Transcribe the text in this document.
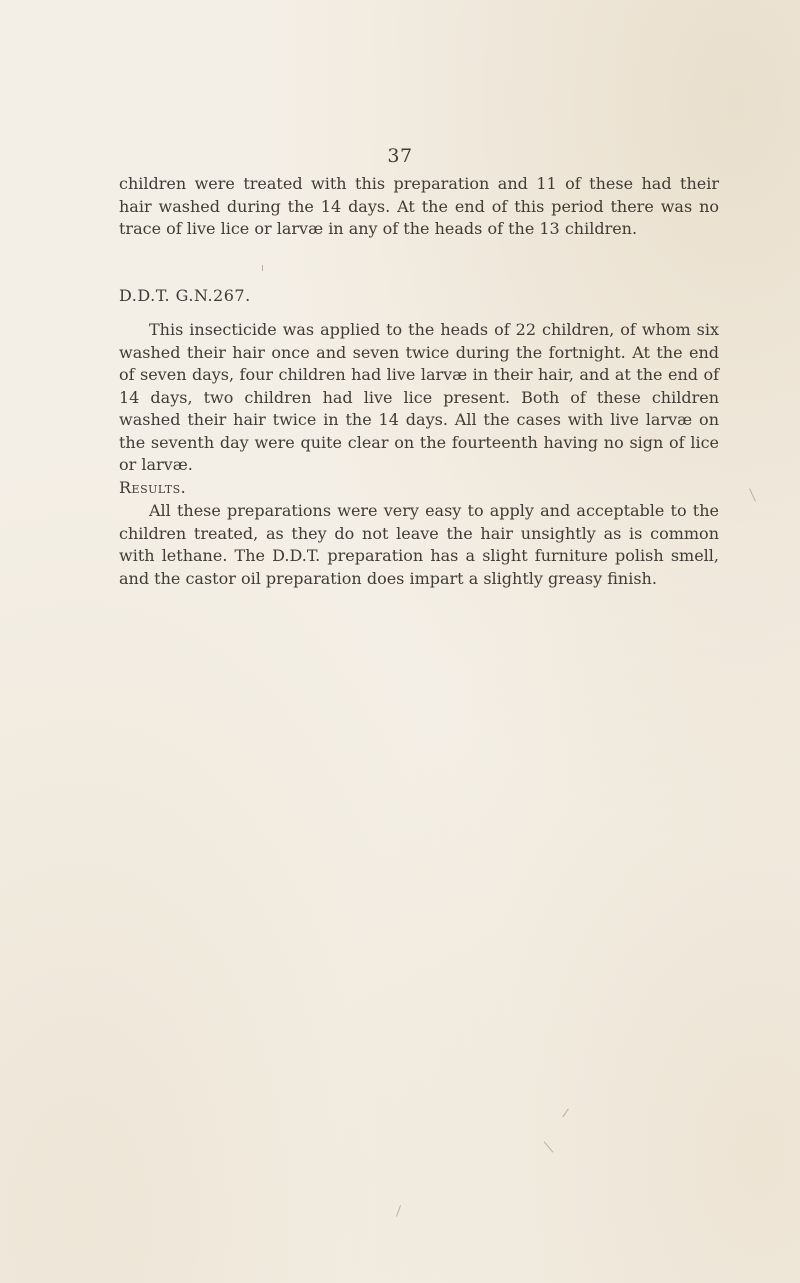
37

children were treated with this preparation and 11 of these had their hair washed during the 14 days. At the end of this period there was no trace of live lice or larvæ in any of the heads of the 13 children.

D.D.T. G.N.267.

This insecticide was applied to the heads of 22 children, of whom six washed their hair once and seven twice during the fortnight. At the end of seven days, four children had live larvæ in their hair, and at the end of 14 days, two children had live lice present. Both of these children washed their hair twice in the 14 days. All the cases with live larvæ on the seventh day were quite clear on the fourteenth having no sign of lice or larvæ.

Results.

All these preparations were very easy to apply and acceptable to the children treated, as they do not leave the hair unsightly as is common with lethane. The D.D.T. preparation has a slight furniture polish smell, and the castor oil preparation does impart a slightly greasy finish.
